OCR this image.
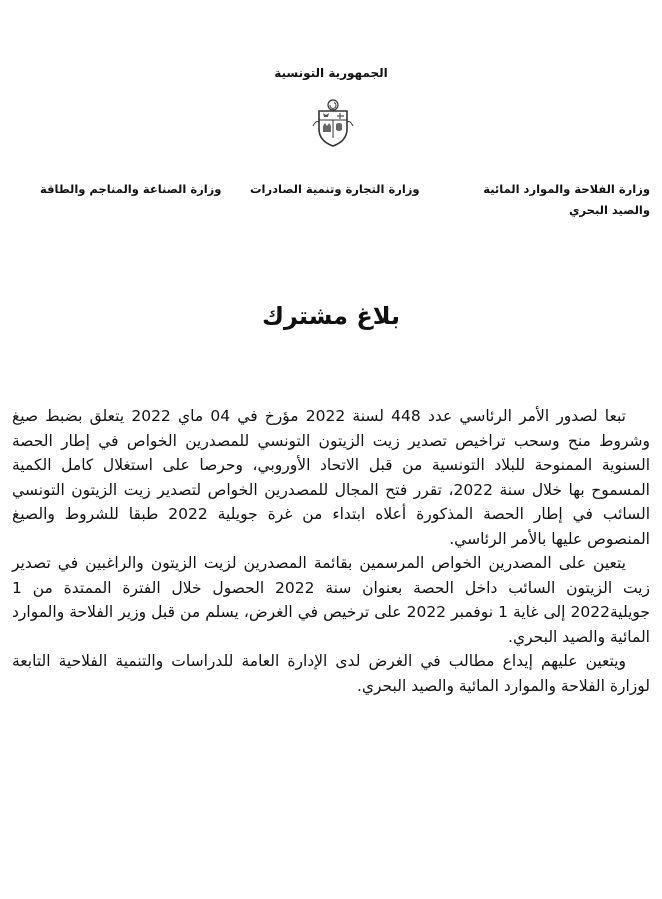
الجمهورية التونسية
وزارة الفلاحة والموارد المائية
والصيد البحري
وزارة التجارة وتنمية الصادرات
وزارة الصناعة والمناجم والطاقة
بلاغ مشترك

تبعا لصدور الأمر الرئاسي عدد 448 لسنة 2022 مؤرخ في 04 ماي 2022 يتعلق بضبط صيغ وشروط منح وسحب تراخيص تصدير زيت الزيتون التونسي للمصدرين الخواص في إطار الحصة السنوية الممنوحة للبلاد التونسية من قبل الاتحاد الأوروبي، وحرصا على استغلال كامل الكمية المسموح بها خلال سنة 2022، تقرر فتح المجال للمصدرين الخواص لتصدير زيت الزيتون التونسي السائب في إطار الحصة المذكورة أعلاه ابتداء من غرة جويلية 2022 طبقا للشروط والصيغ المنصوص عليها بالأمر الرئاسي.

يتعين على المصدرين الخواص المرسمين بقائمة المصدرين لزيت الزيتون والراغبين في تصدير زيت الزيتون السائب داخل الحصة بعنوان سنة 2022 الحصول خلال الفترة الممتدة من 1 جويلية2022 إلى غاية 1 نوفمبر 2022 على ترخيص في الغرض، يسلم من قبل وزير الفلاحة والموارد المائية والصيد البحري.

ويتعين عليهم إيداع مطالب في الغرض لدى الإدارة العامة للدراسات والتنمية الفلاحية التابعة لوزارة الفلاحة والموارد المائية والصيد البحري.
